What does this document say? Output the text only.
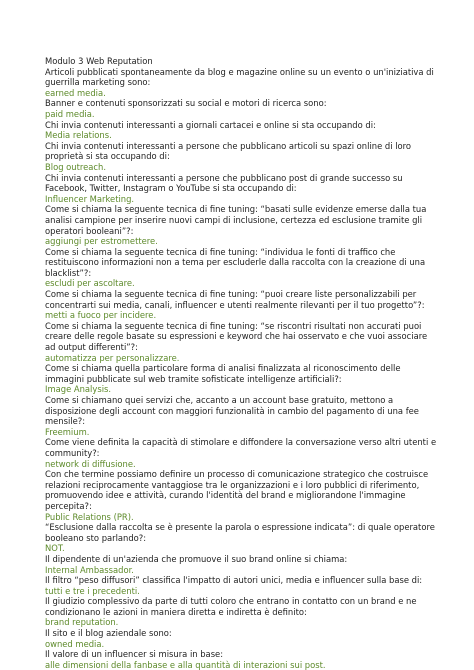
Modulo 3 Web Reputation

Articoli pubblicati spontaneamente da blog e magazine online su un evento o un'iniziativa di guerrilla marketing sono:

earned media.

Banner e contenuti sponsorizzati su social e motori di ricerca sono:

paid media.

Chi invia contenuti interessanti a giornali cartacei e online si sta occupando di:

Media relations.

Chi invia contenuti interessanti a persone che pubblicano articoli su spazi online di loro proprietà si sta occupando di:

Blog outreach.

Chi invia contenuti interessanti a persone che pubblicano post di grande successo su Facebook, Twitter, Instagram o YouTube si sta occupando di:

Influencer Marketing.

Come si chiama la seguente tecnica di fine tuning: “basati sulle evidenze emerse dalla tua analisi campione per inserire nuovi campi di inclusione, certezza ed esclusione tramite gli operatori booleani”?:

aggiungi per estromettere.

Come si chiama la seguente tecnica di fine tuning: “individua le fonti di traffico che restituiscono informazioni non a tema per escluderle dalla raccolta con la creazione di una blacklist”?:

escludi per ascoltare.

Come si chiama la seguente tecnica di fine tuning: “puoi creare liste personalizzabili per concentrarti sui media, canali, influencer e utenti realmente rilevanti per il tuo progetto”?:

metti a fuoco per incidere.

Come si chiama la seguente tecnica di fine tuning: “se riscontri risultati non accurati puoi creare delle regole basate su espressioni e keyword che hai osservato e che vuoi associare ad output differenti”?:

automatizza per personalizzare.

Come si chiama quella particolare forma di analisi finalizzata al riconoscimento delle immagini pubblicate sul web tramite sofisticate intelligenze artificiali?:

Image Analysis.

Come si chiamano quei servizi che, accanto a un account base gratuito, mettono a disposizione degli account con maggiori funzionalità in cambio del pagamento di una fee mensile?:

Freemium.

Come viene definita la capacità di stimolare e diffondere la conversazione verso altri utenti e community?:

network di diffusione.

Con che termine possiamo definire un processo di comunicazione strategico che costruisce relazioni reciprocamente vantaggiose tra le organizzazioni e i loro pubblici di riferimento, promuovendo idee e attività, curando l'identità del brand e migliorandone l'immagine percepita?:

Public Relations (PR).

“Esclusione dalla raccolta se è presente la parola o espressione indicata”: di quale operatore booleano sto parlando?:

NOT.

Il dipendente di un'azienda che promuove il suo brand online si chiama:

Internal Ambassador.

Il filtro “peso diffusori” classifica l'impatto di autori unici, media e influencer sulla base di:

tutti e tre i precedenti.

Il giudizio complessivo da parte di tutti coloro che entrano in contatto con un brand e ne condizionano le azioni in maniera diretta e indiretta è definito:

brand reputation.

Il sito e il blog aziendale sono:

owned media.

Il valore di un influencer si misura in base:

alle dimensioni della fanbase e alla quantità di interazioni sui post.
